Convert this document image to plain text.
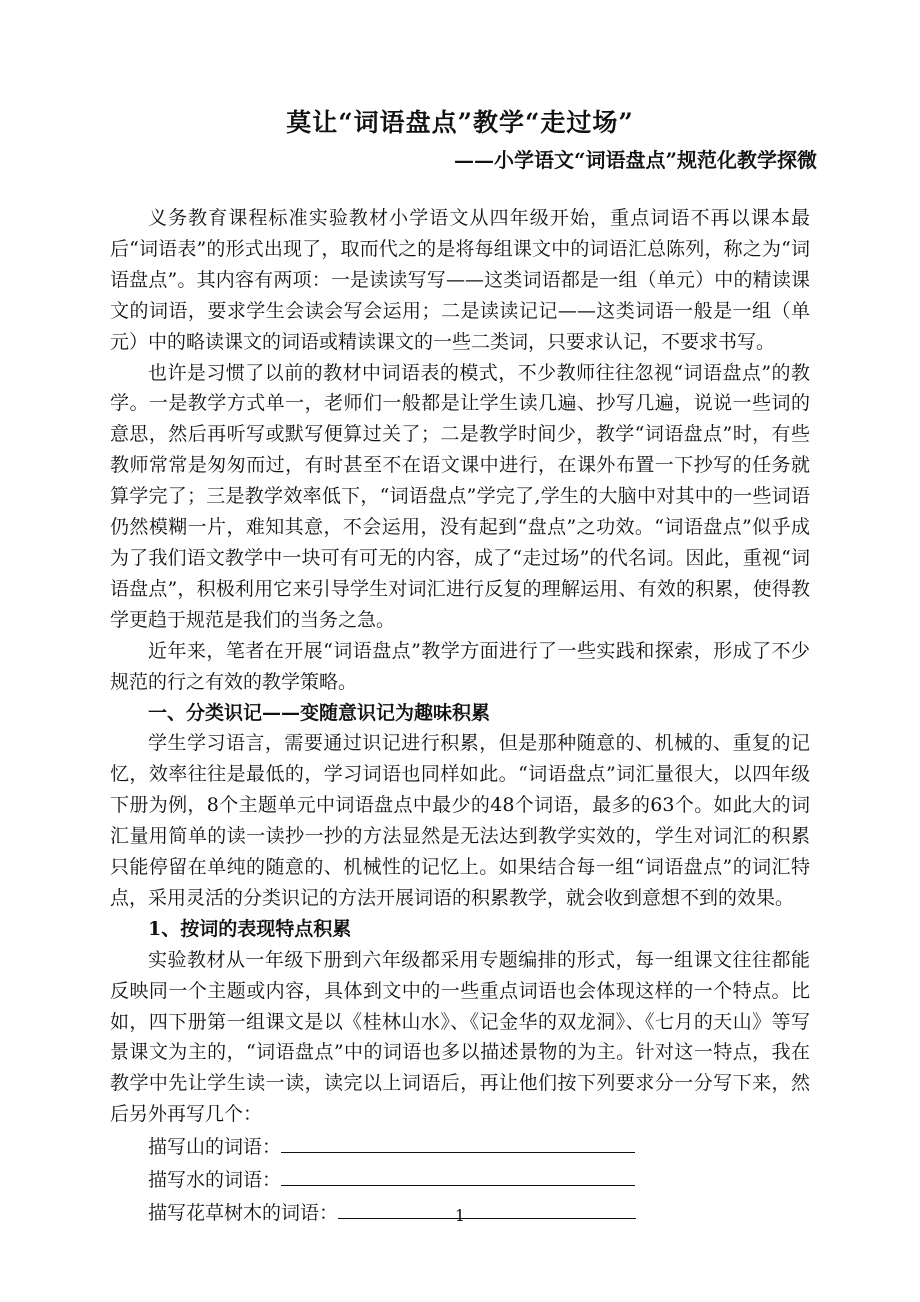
莫让“词语盘点”教学“走过场”
——小学语文“词语盘点”规范化教学探微

义务教育课程标准实验教材小学语文从四年级开始，重点词语不再以课本最后“词语表”的形式出现了，取而代之的是将每组课文中的词语汇总陈列，称之为“词语盘点”。其内容有两项：一是读读写写——这类词语都是一组（单元）中的精读课文的词语，要求学生会读会写会运用；二是读读记记——这类词语一般是一组（单元）中的略读课文的词语或精读课文的一些二类词，只要求认记，不要求书写。

也许是习惯了以前的教材中词语表的模式，不少教师往往忽视“词语盘点”的教学。一是教学方式单一，老师们一般都是让学生读几遍、抄写几遍，说说一些词的意思，然后再听写或默写便算过关了；二是教学时间少，教学“词语盘点”时，有些教师常常是匆匆而过，有时甚至不在语文课中进行，在课外布置一下抄写的任务就算学完了；三是教学效率低下，“词语盘点”学完了,学生的大脑中对其中的一些词语仍然模糊一片，难知其意，不会运用，没有起到“盘点”之功效。“词语盘点”似乎成为了我们语文教学中一块可有可无的内容，成了“走过场”的代名词。因此，重视“词语盘点”，积极利用它来引导学生对词汇进行反复的理解运用、有效的积累，使得教学更趋于规范是我们的当务之急。

近年来，笔者在开展“词语盘点”教学方面进行了一些实践和探索，形成了不少规范的行之有效的教学策略。

一、分类识记——变随意识记为趣味积累

学生学习语言，需要通过识记进行积累，但是那种随意的、机械的、重复的记忆，效率往往是最低的，学习词语也同样如此。“词语盘点”词汇量很大，以四年级下册为例，8个主题单元中词语盘点中最少的48个词语，最多的63个。如此大的词汇量用简单的读一读抄一抄的方法显然是无法达到教学实效的，学生对词汇的积累只能停留在单纯的随意的、机械性的记忆上。如果结合每一组“词语盘点”的词汇特点，采用灵活的分类识记的方法开展词语的积累教学，就会收到意想不到的效果。

1、按词的表现特点积累

实验教材从一年级下册到六年级都采用专题编排的形式，每一组课文往往都能反映同一个主题或内容，具体到文中的一些重点词语也会体现这样的一个特点。比如，四下册第一组课文是以《桂林山水》、《记金华的双龙洞》、《七月的天山》等写景课文为主的，“词语盘点”中的词语也多以描述景物的为主。针对这一特点，我在教学中先让学生读一读，读完以上词语后，再让他们按下列要求分一分写下来，然后另外再写几个：

描写山的词语：
描写水的词语：
描写花草树木的词语：	1
